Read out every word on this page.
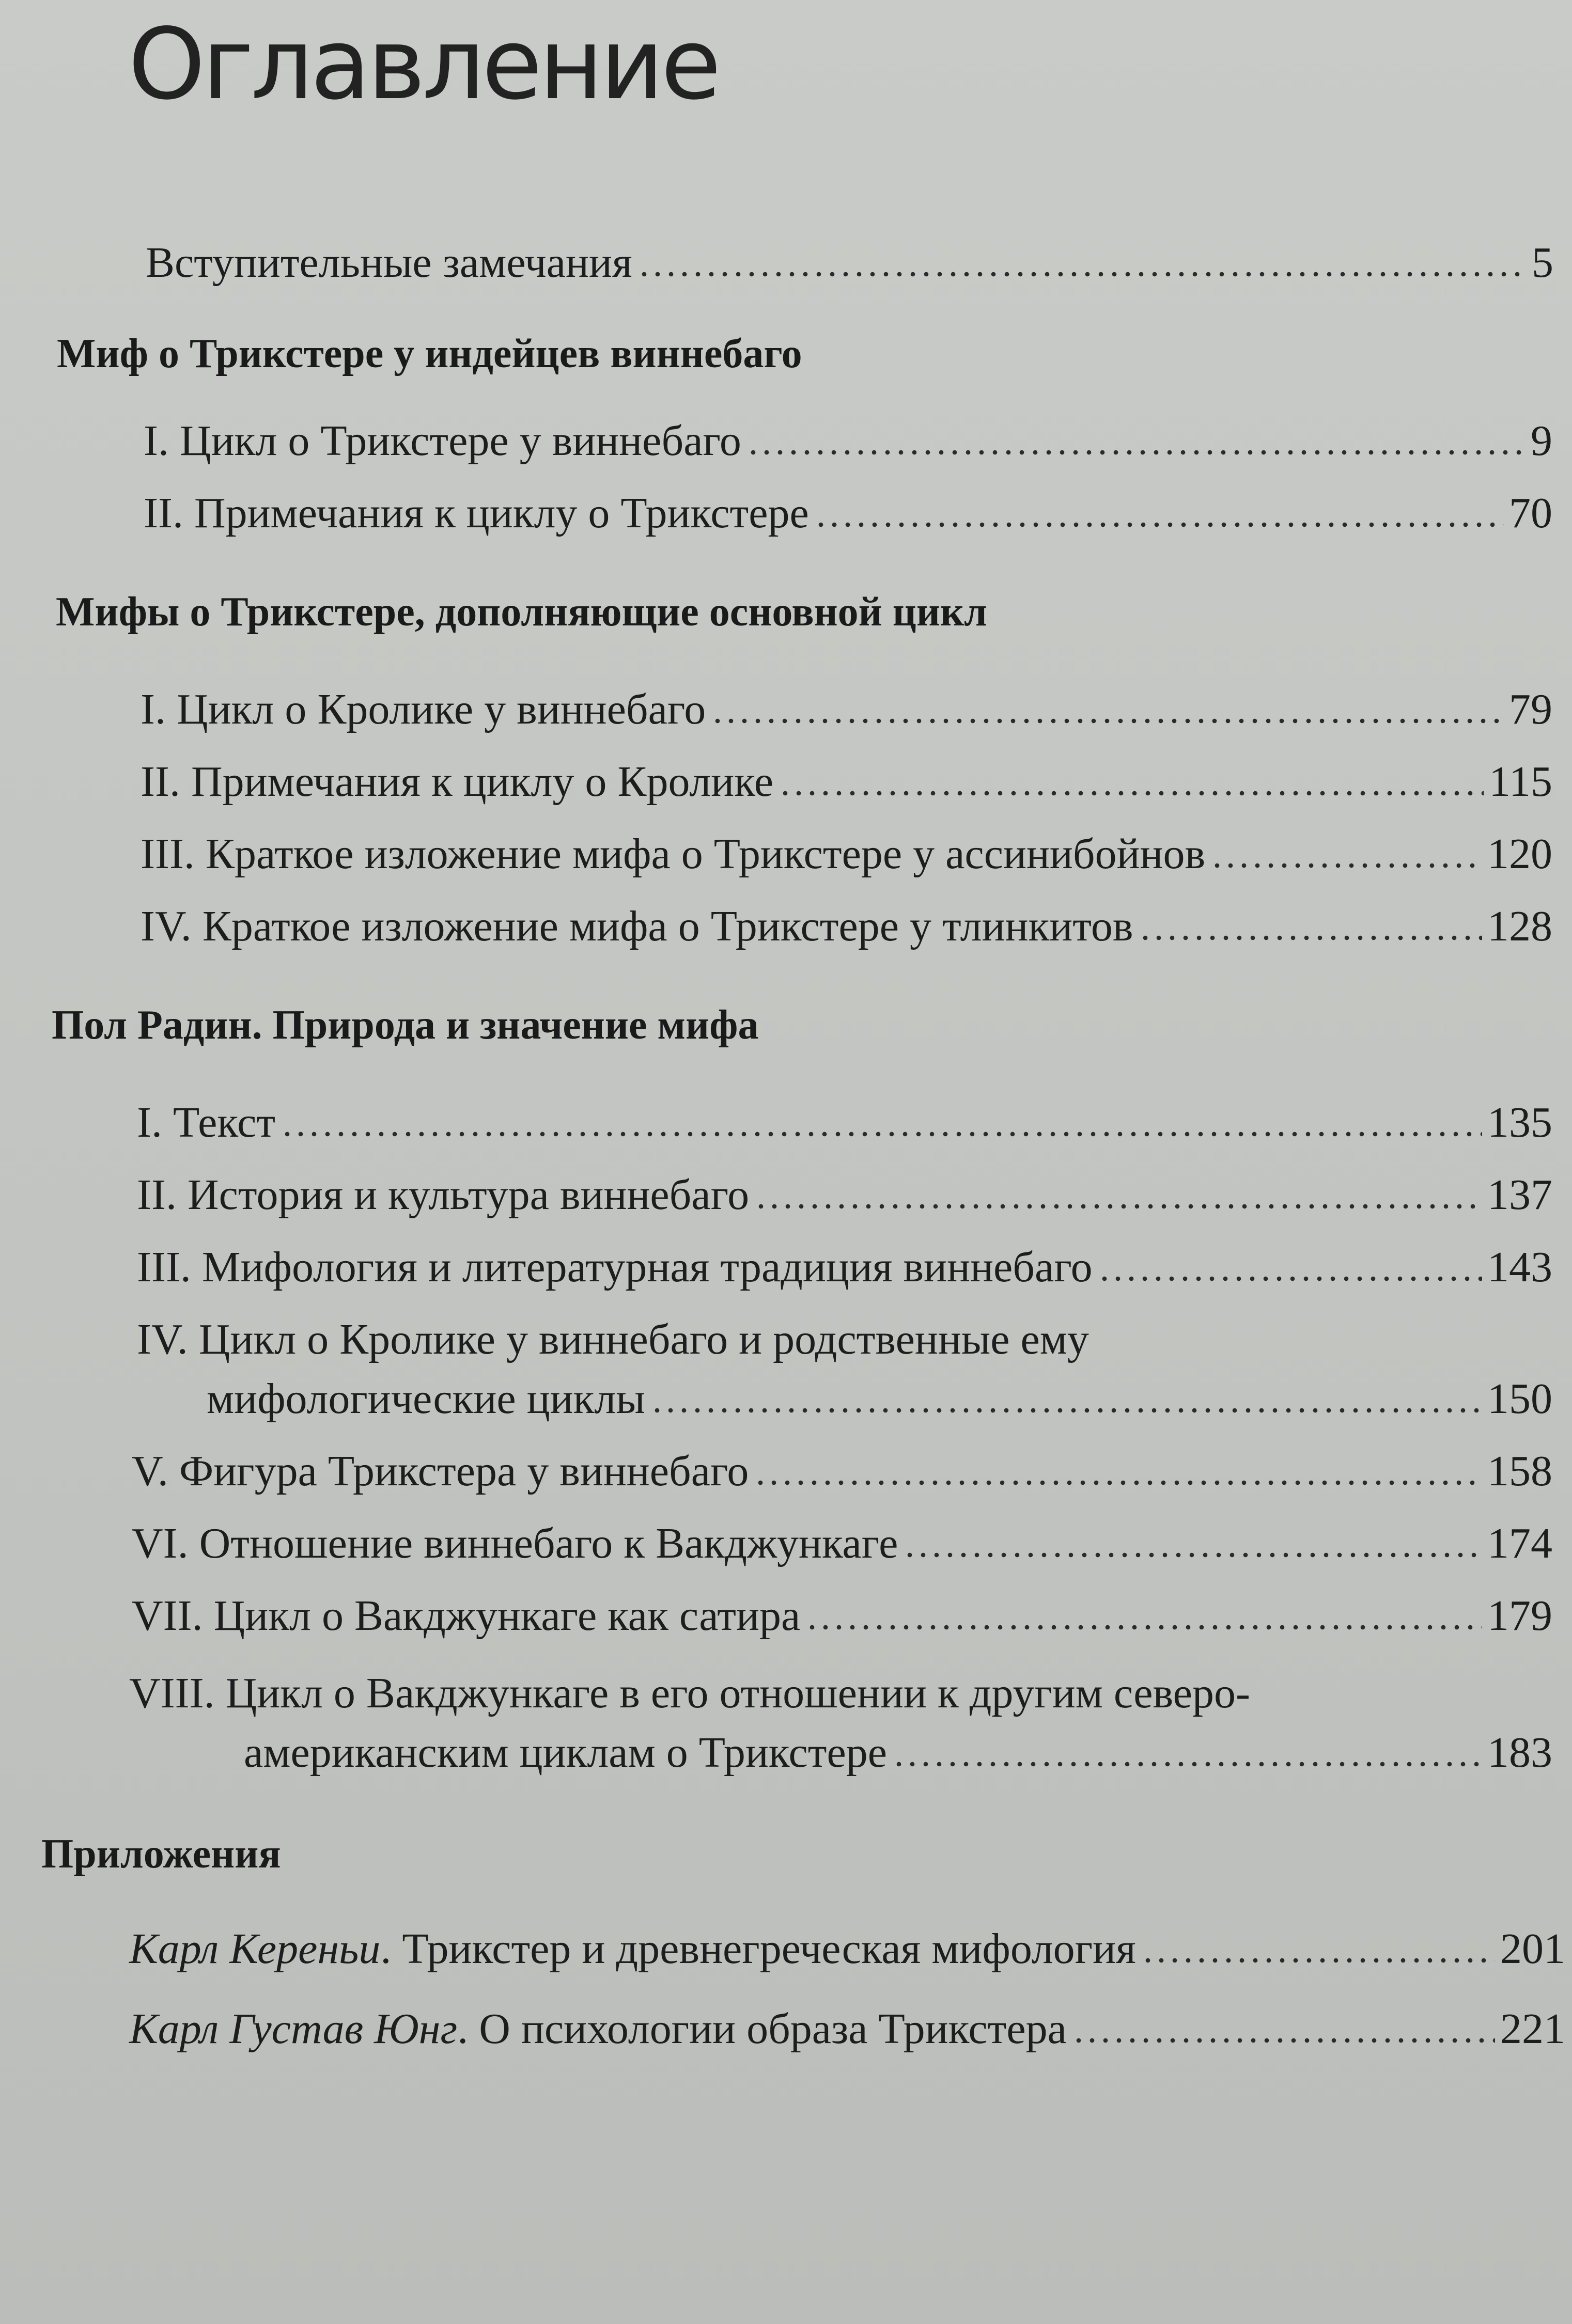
Оглавление
Вступительные замечания	5
Миф о Трикстере у индейцев виннебаго
I. Цикл о Трикстере у виннебаго	9
II. Примечания к циклу о Трикстере	70
Мифы о Трикстере, дополняющие основной цикл
I. Цикл о Кролике у виннебаго	79
II. Примечания к циклу о Кролике	115
III. Краткое изложение мифа о Трикстере у ассинибойнов	120
IV. Краткое изложение мифа о Трикстере у тлинкитов	128
Пол Радин. Природа и значение мифа
I. Текст	135
II. История и культура виннебаго	137
III. Мифология и литературная традиция виннебаго	143
IV. Цикл о Кролике у виннебаго и родственные ему
мифологические циклы	150
V. Фигура Трикстера у виннебаго	158
VI. Отношение виннебаго к Вакджункаге	174
VII. Цикл о Вакджункаге как сатира	179
VIII. Цикл о Вакджункаге в его отношении к другим северо-
американским циклам о Трикстере	183
Приложения
Карл Кереньи. Трикстер и древнегреческая мифология	201
Карл Густав Юнг. О психологии образа Трикстера	221
